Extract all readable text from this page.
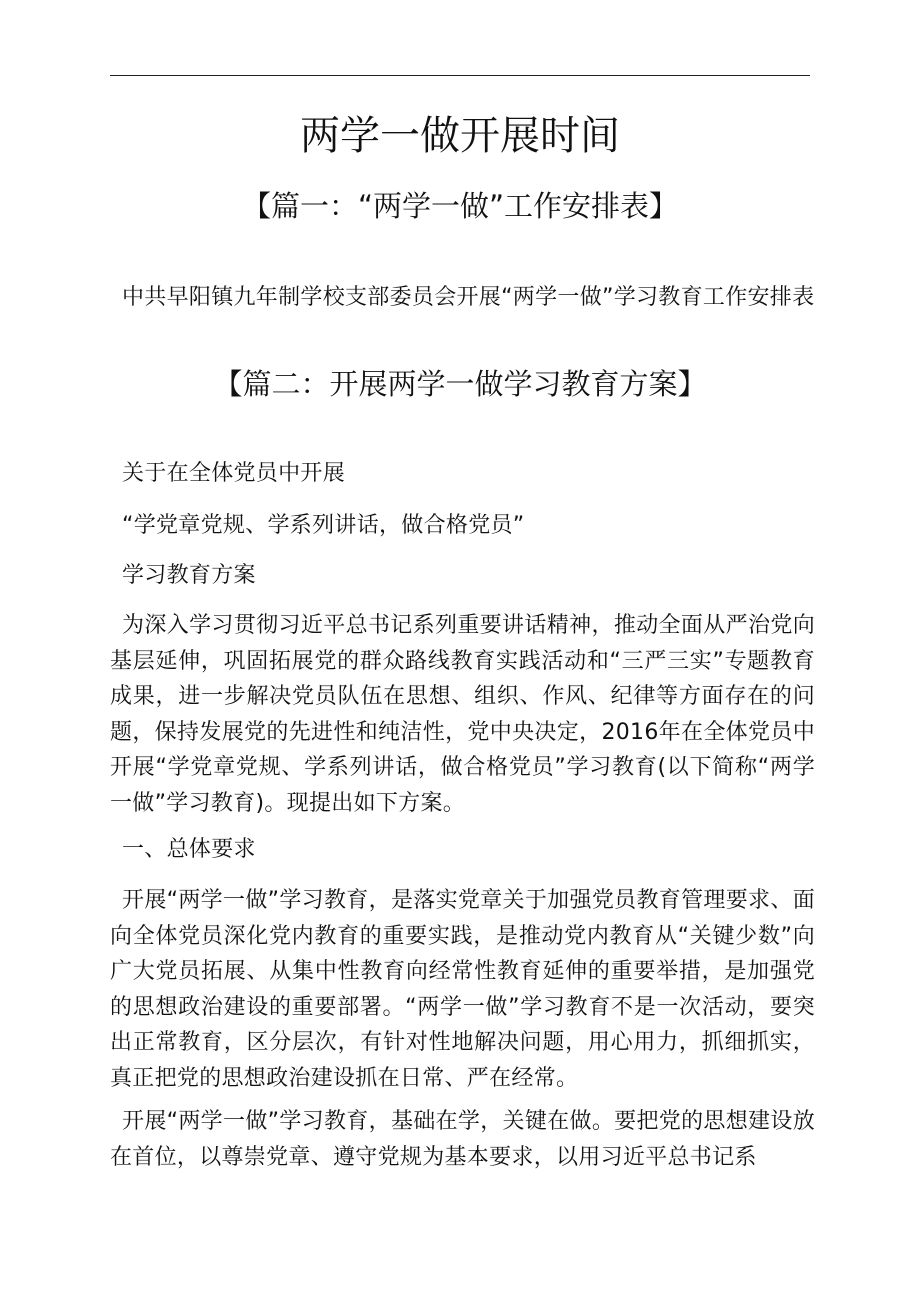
两学一做开展时间
【篇一：“两学一做”工作安排表】
中共早阳镇九年制学校支部委员会开展“两学一做”学习教育工作安排表
【篇二：开展两学一做学习教育方案】
关于在全体党员中开展
“学党章党规、学系列讲话，做合格党员”
学习教育方案
为深入学习贯彻习近平总书记系列重要讲话精神，推动全面从严治党向基层延伸，巩固拓展党的群众路线教育实践活动和“三严三实”专题教育成果，进一步解决党员队伍在思想、组织、作风、纪律等方面存在的问题，保持发展党的先进性和纯洁性，党中央决定，2016年在全体党员中开展“学党章党规、学系列讲话，做合格党员”学习教育(以下简称“两学一做”学习教育)。现提出如下方案。
一、总体要求
开展“两学一做”学习教育，是落实党章关于加强党员教育管理要求、面向全体党员深化党内教育的重要实践，是推动党内教育从“关键少数”向广大党员拓展、从集中性教育向经常性教育延伸的重要举措，是加强党的思想政治建设的重要部署。“两学一做”学习教育不是一次活动，要突出正常教育，区分层次，有针对性地解决问题，用心用力，抓细抓实，真正把党的思想政治建设抓在日常、严在经常。
开展“两学一做”学习教育，基础在学，关键在做。要把党的思想建设放在首位，以尊崇党章、遵守党规为基本要求，以用习近平总书记系
